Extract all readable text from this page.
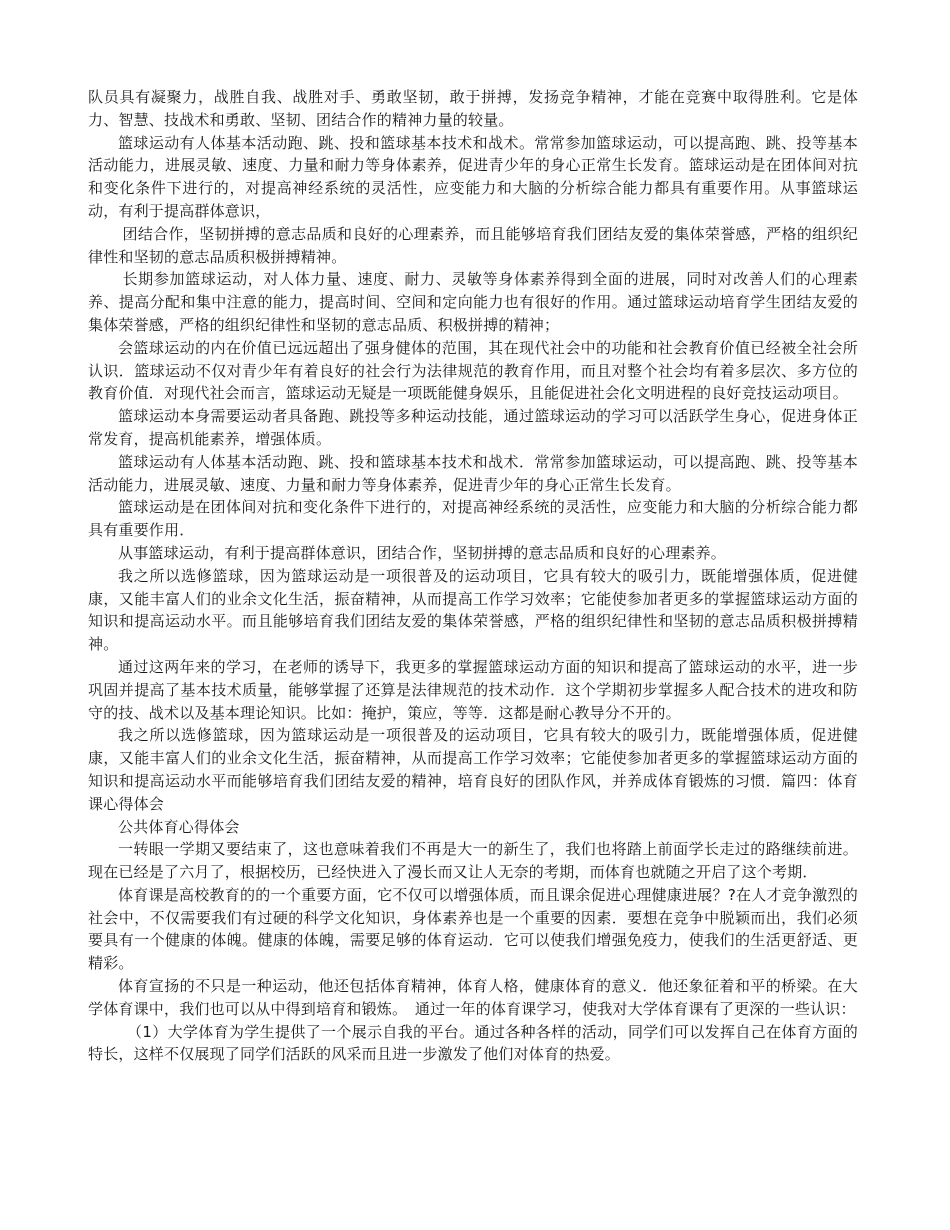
队员具有凝聚力，战胜自我、战胜对手、勇敢坚韧，敢于拼搏，发扬竞争精神，才能在竞赛中取得胜利。它是体力、智慧、技战术和勇敢、坚韧、团结合作的精神力量的较量。

篮球运动有人体基本活动跑、跳、投和篮球基本技术和战术。常常参加篮球运动，可以提高跑、跳、投等基本活动能力，进展灵敏、速度、力量和耐力等身体素养，促进青少年的身心正常生长发育。篮球运动是在团体间对抗和变化条件下进行的，对提高神经系统的灵活性，应变能力和大脑的分析综合能力都具有重要作用。从事篮球运动，有利于提高群体意识，

团结合作，坚韧拼搏的意志品质和良好的心理素养，而且能够培育我们团结友爱的集体荣誉感，严格的组织纪律性和坚韧的意志品质积极拼搏精神。

长期参加篮球运动，对人体力量、速度、耐力、灵敏等身体素养得到全面的进展，同时对改善人们的心理素养、提高分配和集中注意的能力，提高时间、空间和定向能力也有很好的作用。通过篮球运动培育学生团结友爱的集体荣誉感，严格的组织纪律性和坚韧的意志品质、积极拼搏的精神；

会篮球运动的内在价值已远远超出了强身健体的范围，其在现代社会中的功能和社会教育价值已经被全社会所认识．篮球运动不仅对青少年有着良好的社会行为法律规范的教育作用，而且对整个社会均有着多层次、多方位的教育价值．对现代社会而言，篮球运动无疑是一项既能健身娱乐，且能促进社会化文明进程的良好竞技运动项目。

篮球运动本身需要运动者具备跑、跳投等多种运动技能，通过篮球运动的学习可以活跃学生身心，促进身体正常发育，提高机能素养，增强体质。

篮球运动有人体基本活动跑、跳、投和篮球基本技术和战术．常常参加篮球运动，可以提高跑、跳、投等基本活动能力，进展灵敏、速度、力量和耐力等身体素养，促进青少年的身心正常生长发育。

篮球运动是在团体间对抗和变化条件下进行的，对提高神经系统的灵活性，应变能力和大脑的分析综合能力都具有重要作用．

从事篮球运动，有利于提高群体意识，团结合作，坚韧拼搏的意志品质和良好的心理素养。

我之所以选修篮球，因为篮球运动是一项很普及的运动项目，它具有较大的吸引力，既能增强体质，促进健康，又能丰富人们的业余文化生活，振奋精神，从而提高工作学习效率；它能使参加者更多的掌握篮球运动方面的知识和提高运动水平。而且能够培育我们团结友爱的集体荣誉感，严格的组织纪律性和坚韧的意志品质积极拼搏精神。

通过这两年来的学习，在老师的诱导下，我更多的掌握篮球运动方面的知识和提高了篮球运动的水平，进一步巩固并提高了基本技术质量，能够掌握了还算是法律规范的技术动作．这个学期初步掌握多人配合技术的进攻和防守的技、战术以及基本理论知识。比如：掩护，策应，等等．这都是耐心教导分不开的。

我之所以选修篮球，因为篮球运动是一项很普及的运动项目，它具有较大的吸引力，既能增强体质，促进健康，又能丰富人们的业余文化生活，振奋精神，从而提高工作学习效率；它能使参加者更多的掌握篮球运动方面的知识和提高运动水平而能够培育我们团结友爱的精神，培育良好的团队作风，并养成体育锻炼的习惯．篇四：体育课心得体会

公共体育心得体会

一转眼一学期又要结束了，这也意味着我们不再是大一的新生了，我们也将踏上前面学长走过的路继续前进。现在已经是了六月了，根据校历，已经快进入了漫长而又让人无奈的考期，而体育也就随之开启了这个考期．

体育课是高校教育的的一个重要方面，它不仅可以增强体质，而且课余促进心理健康进展？?在人才竞争激烈的社会中，不仅需要我们有过硬的科学文化知识，身体素养也是一个重要的因素．要想在竞争中脱颖而出，我们必须要具有一个健康的体魄。健康的体魄，需要足够的体育运动．它可以使我们增强免疫力，使我们的生活更舒适、更精彩。

体育宣扬的不只是一种运动，他还包括体育精神，体育人格，健康体育的意义．他还象征着和平的桥梁。在大学体育课中，我们也可以从中得到培育和锻炼。　通过一年的体育课学习，使我对大学体育课有了更深的一些认识：

（1）大学体育为学生提供了一个展示自我的平台。通过各种各样的活动，同学们可以发挥自己在体育方面的特长，这样不仅展现了同学们活跃的风采而且进一步激发了他们对体育的热爱。
